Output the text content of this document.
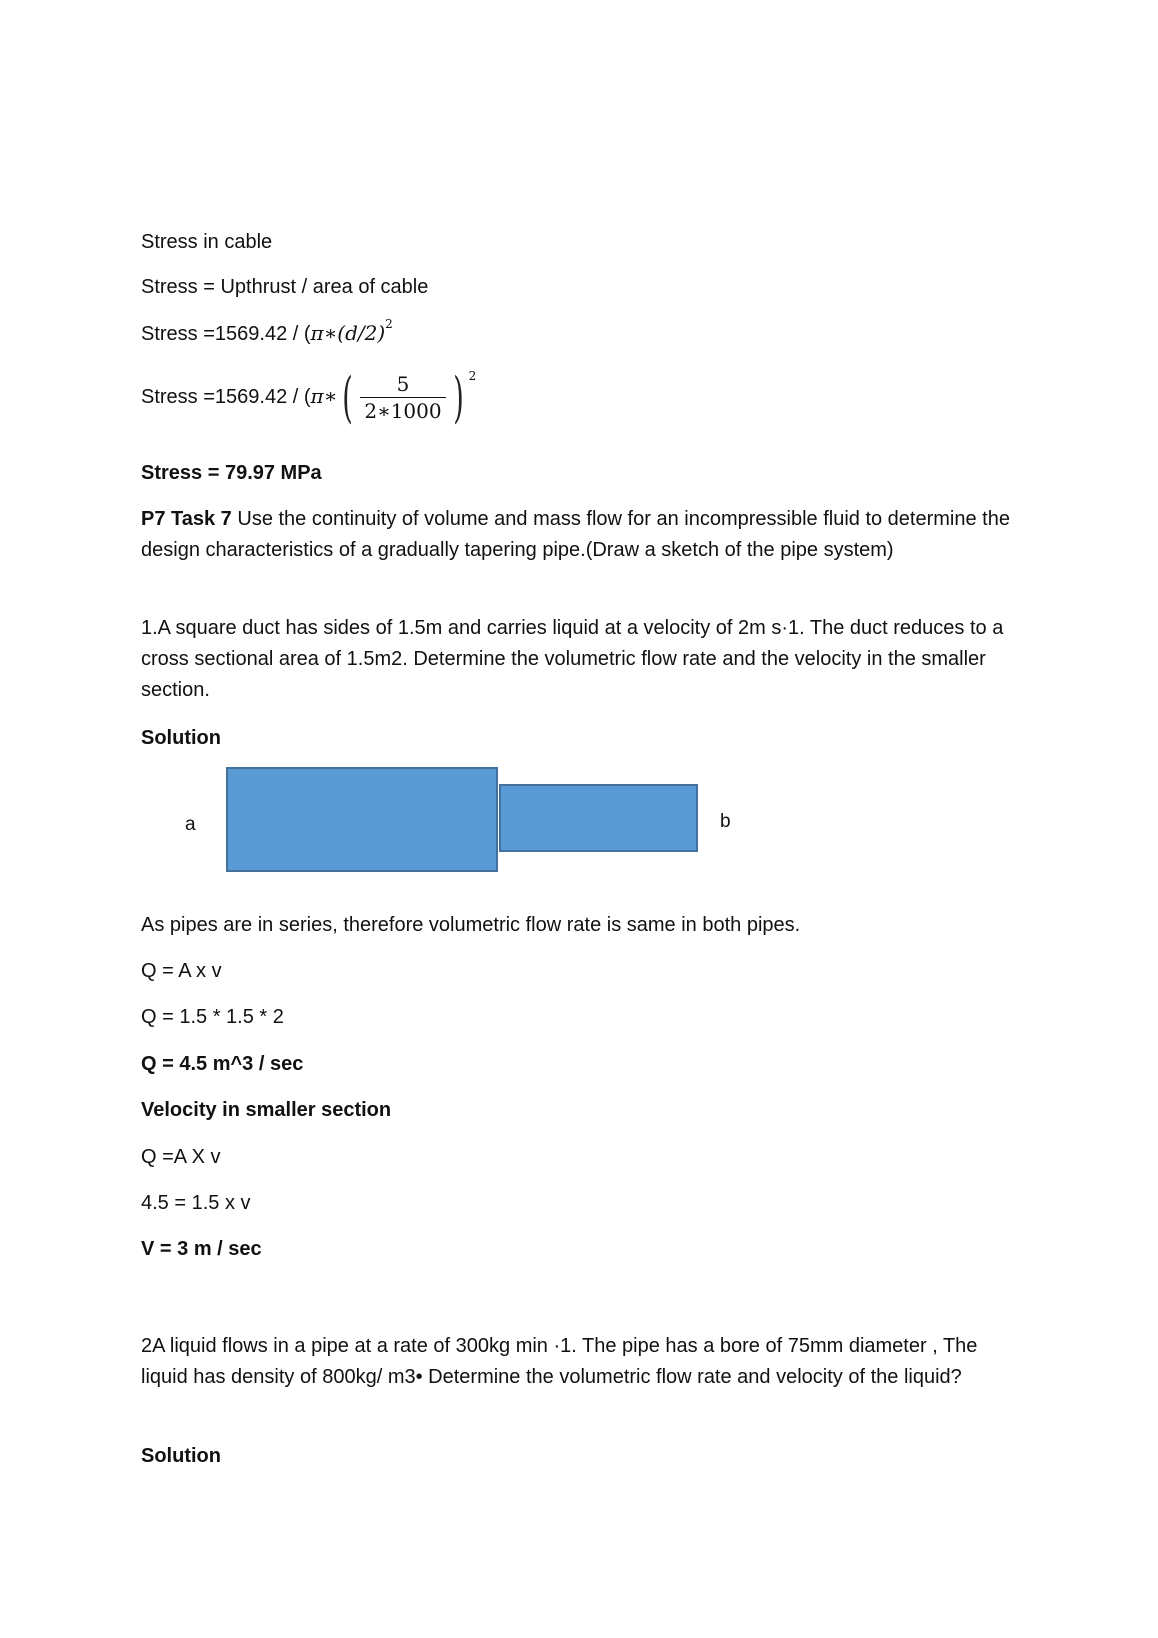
Stress in cable

Stress = Upthrust / area of cable

Stress $=1569.42 / (\pi∗(d/2)^2$

Stress =1569.42 / (π∗ ( $\frac{5}{2∗1000}$ ) 2

Stress = 79.97 MPa

P7 Task 7 Use the continuity of volume and mass flow for an incompressible fluid to determine the design characteristics of a gradually tapering pipe.(Draw a sketch of the pipe system)

1.A square duct has sides of 1.5m and carries liquid at a velocity of 2m s·1. The duct reduces to a cross sectional area of 1.5m2. Determine the volumetric flow rate and the velocity in the smaller section.

Solution

a	b

As pipes are in series, therefore volumetric flow rate is same in both pipes.

Q = A x v

Q = 1.5 * 1.5 * 2

Q = 4.5 m^3 / sec

Velocity in smaller section

Q =A X v

4.5 = 1.5 x v

V = 3 m / sec

2A liquid flows in a pipe at a rate of 300kg min ·1. The pipe has a bore of 75mm diameter , The liquid has density of 800kg/ m3• Determine the volumetric flow rate and velocity of the liquid?

Solution
